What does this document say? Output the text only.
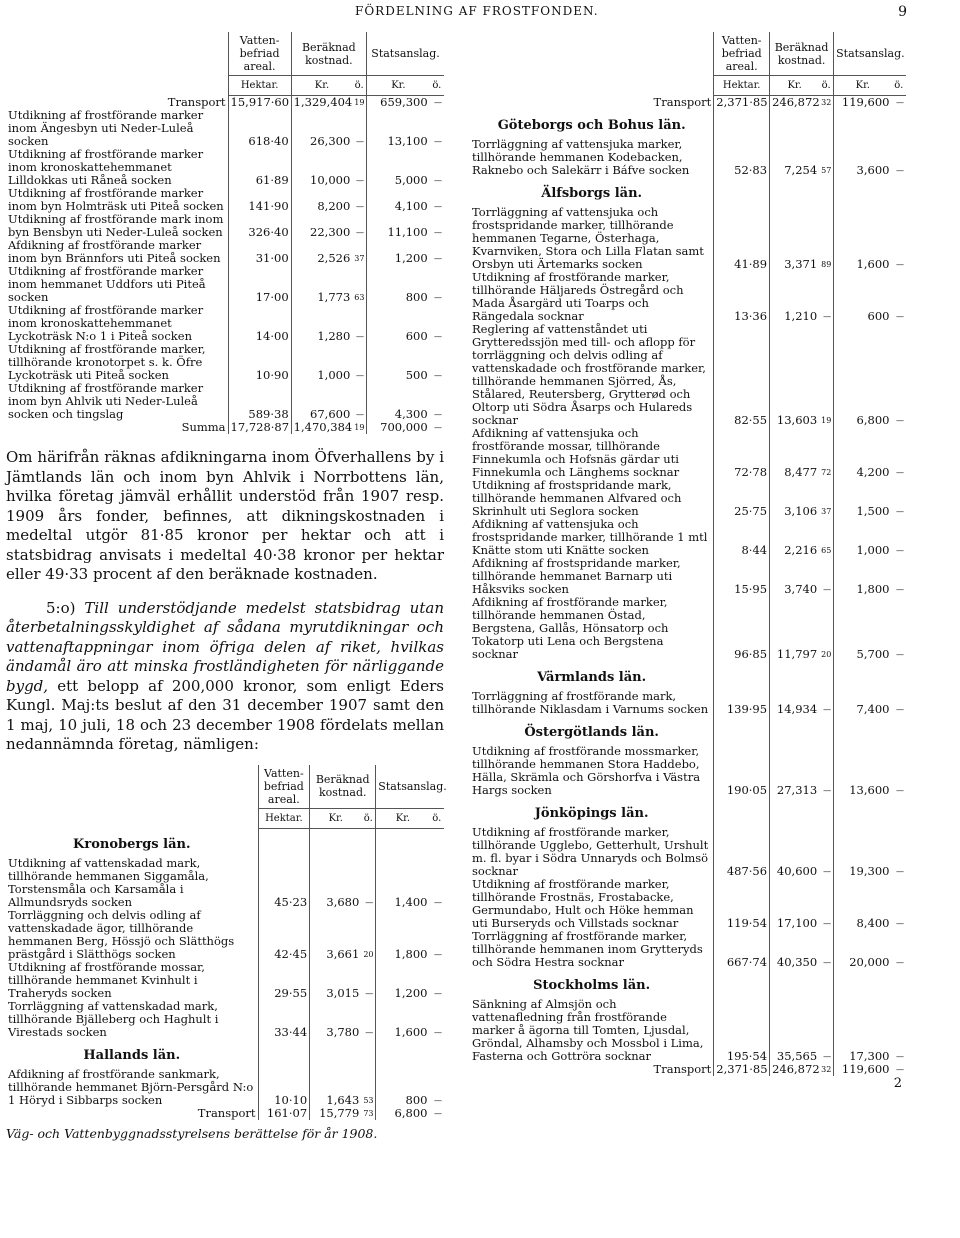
FÖRDELNING AF FROSTFONDEN.	9
	Vatten-befriad areal.	Beräknad kostnad.		Statsanslag.	
	Hektar.	Kr.	ö.	Kr.	ö.
Transport	15,917·60	1,329,404	19	659,300	—
Utdikning af frostförande marker inom Ängesbyn uti Neder-Luleå socken	618·40	26,300	—	13,100	—
Utdikning af frostförande marker inom kronoskattehemmanet Lilldokkas uti Råneå socken	61·89	10,000	—	5,000	—
Utdikning af frostförande marker inom byn Holmträsk uti Piteå socken	141·90	8,200	—	4,100	—
Utdikning af frostförande mark inom byn Bensbyn uti Neder-Luleå socken	326·40	22,300	—	11,100	—
Afdikning af frostförande marker inom byn Brännfors uti Piteå socken	31·00	2,526	37	1,200	—
Utdikning af frostförande marker inom hemmanet Uddfors uti Piteå socken	17·00	1,773	63	800	—
Utdikning af frostförande marker inom kronoskattehemmanet Lyckoträsk N:o 1 i Piteå socken	14·00	1,280	—	600	—
Utdikning af frostförande marker, tillhörande kronotorpet s. k. Öfre Lyckoträsk uti Piteå socken	10·90	1,000	—	500	—
Utdikning af frostförande marker inom byn Ahlvik uti Neder-Luleå socken och tingslag	589·38	67,600	—	4,300	—
Summa	17,728·87	1,470,384	19	700,000	—

Om härifrån räknas afdikningarna inom Öfverhallens by i Jämtlands län och inom byn Ahlvik i Norrbottens län, hvilka företag jämväl erhållit understöd från 1907 resp. 1909 års fonder, befinnes, att dikningskostnaden i medeltal utgör 81·85 kronor per hektar och att i statsbidrag anvisats i medeltal 40·38 kronor per hektar eller 49·33 procent af den beräknade kostnaden.

5:o) Till understödjande medelst statsbidrag utan återbetalningsskyldighet af sådana myrutdikningar och vattenaftappningar inom öfriga delen af riket, hvilkas ändamål äro att minska frostländigheten för närliggande bygd, ett belopp af 200,000 kronor, som enligt Eders Kungl. Maj:ts beslut af den 31 december 1907 samt den 1 maj, 10 juli, 18 och 23 december 1908 fördelats mellan nedannämnda företag, nämligen:

	Vatten-befriad areal.	Beräknad kostnad.		Statsanslag.	
	Hektar.	Kr.	ö.	Kr.	ö.
Kronobergs län.					
Utdikning af vattenskadad mark, tillhörande hemmanen Siggamåla, Torstensmåla och Karsamåla i Allmundsryds socken	45·23	3,680	—	1,400	—
Torrläggning och delvis odling af vattenskadade ägor, tillhörande hemmanen Berg, Hössjö och Slätthögs prästgård i Slätthögs socken	42·45	3,661	20	1,800	—
Utdikning af frostförande mossar, tillhörande hemmanet Kvinhult i Traheryds socken	29·55	3,015	—	1,200	—
Torrläggning af vattenskadad mark, tillhörande Bjälleberg och Haghult i Virestads socken	33·44	3,780	—	1,600	—
Hallands län.					
Afdikning af frostförande sankmark, tillhörande hemmanet Björn-Persgård N:o 1 Höryd i Sibbarps socken	10·10	1,643	53	800	—
Transport	161·07	15,779	73	6,800	—
Väg- och Vattenbyggnadsstyrelsens berättelse för år 1908.
	Vatten-befriad areal.	Beräknad kostnad.		Statsanslag.	
	Hektar.	Kr.	ö.	Kr.	ö.
Transport	2,371·85	246,872	32	119,600	—
Göteborgs och Bohus län.					
Torrläggning af vattensjuka marker, tillhörande hemmanen Kodebacken, Raknebo och Salekärr i Báfve socken	52·83	7,254	57	3,600	—
Älfsborgs län.					
Torrläggning af vattensjuka och frostspridande marker, tillhörande hemmanen Tegarne, Österhaga, Kvarnviken, Stora och Lilla Flatan samt Orsbyn uti Ärtemarks socken	41·89	3,371	89	1,600	—
Utdikning af frostförande marker, tillhörande Häljareds Östregård och Mada Åsargärd uti Toarps och Rängedala socknar	13·36	1,210	—	600	—
Reglering af vattenståndet uti Grytteredssjön med till- och aflopp för torrläggning och delvis odling af vattenskadade och frostförande marker, tillhörande hemmanen Sjörred, Ås, Stålared, Reutersberg, Grytterød och Oltorp uti Södra Åsarps och Hulareds socknar	82·55	13,603	19	6,800	—
Afdikning af vattensjuka och frostförande mossar, tillhörande Finnekumla och Hofsnäs gärdar uti Finnekumla och Länghems socknar	72·78	8,477	72	4,200	—
Utdikning af frostspridande mark, tillhörande hemmanen Alfvared och Skrinhult uti Seglora socken	25·75	3,106	37	1,500	—
Afdikning af vattensjuka och frostspridande marker, tillhörande 1 mtl Knätte stom uti Knätte socken	8·44	2,216	65	1,000	—
Afdikning af frostspridande marker, tillhörande hemmanet Barnarp uti Håksviks socken	15·95	3,740	—	1,800	—
Afdikning af frostförande marker, tillhörande hemmanen Östad, Bergstena, Gallås, Hönsatorp och Tokatorp uti Lena och Bergstena socknar	96·85	11,797	20	5,700	—
Värmlands län.					
Torrläggning af frostförande mark, tillhörande Niklasdam i Varnums socken	139·95	14,934	—	7,400	—
Östergötlands län.					
Utdikning af frostförande mossmarker, tillhörande hemmanen Stora Haddebo, Hälla, Skrämla och Görshorfva i Västra Hargs socken	190·05	27,313	—	13,600	—
Jönköpings län.					
Utdikning af frostförande marker, tillhörande Ugglebo, Getterhult, Urshult m. fl. byar i Södra Unnaryds och Bolmsö socknar	487·56	40,600	—	19,300	—
Utdikning af frostförande marker, tillhörande Frostnäs, Frostabacke, Germundabo, Hult och Höke hemman uti Burseryds och Villstads socknar	119·54	17,100	—	8,400	—
Torrläggning af frostförande marker, tillhörande hemmanen inom Grytteryds och Södra Hestra socknar	667·74	40,350	—	20,000	—
Stockholms län.					
Sänkning af Almsjön och vattenafledning från frostförande marker å ägorna till Tomten, Ljusdal, Gröndal, Alhamsby och Mossbol i Lima, Fasterna och Gottröra socknar	195·54	35,565	—	17,300	—
Transport	2,371·85	246,872	32	119,600	—
2
